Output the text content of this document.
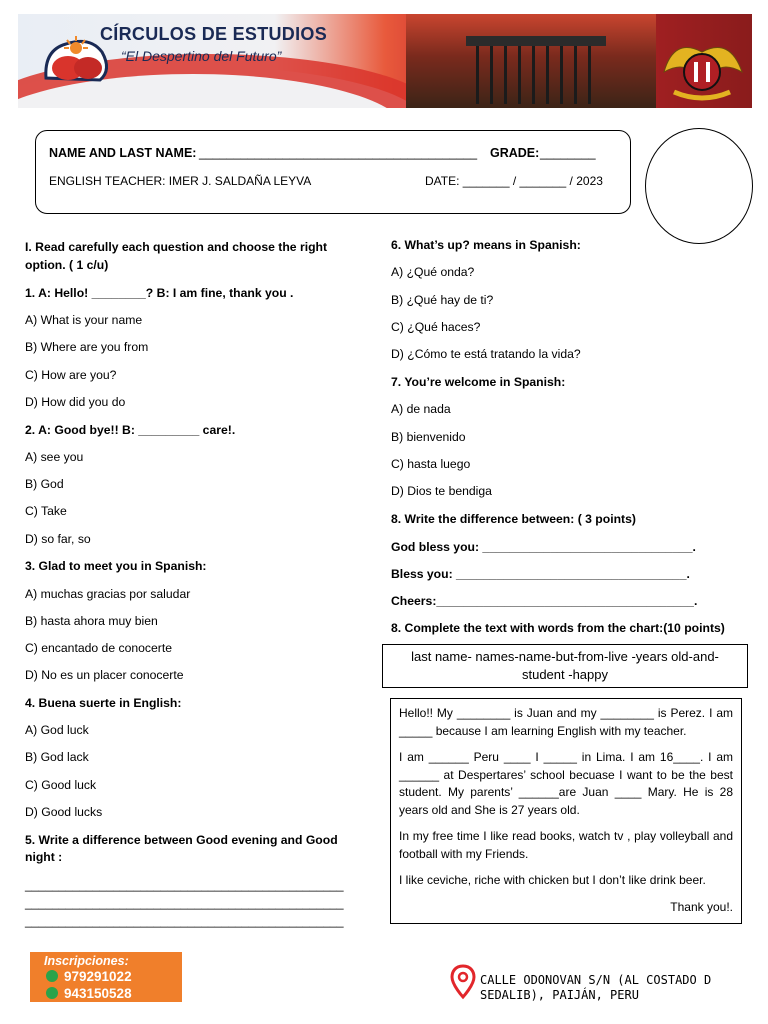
CÍRCULOS DE ESTUDIOS
“El Despertino del Futuro”
NAME AND LAST NAME: ________________________________________ GRADE: ________
ENGLISH TEACHER: IMER J. SALDAÑA LEYVA	DATE: _______ / _______ / 2023
I. Read carefully each question and choose the right
option. ( 1 c/u)
1. A: Hello! ________? B: I am fine, thank you .
A) What is your name
B) Where are you from
C) How are you?
D) How did you do
2. A: Good bye!! B: _________ care!.
A) see you
B) God
C) Take
D) so far, so
3. Glad to meet you in Spanish:
A) muchas gracias por saludar
B) hasta ahora muy bien
C) encantado de conocerte
D) No es un placer conocerte
4. Buena suerte in English:
A) God luck
B) God lack
C) Good luck
D) Good lucks
5. Write a difference between Good evening and Good
night :
_______________________________________________
_______________________________________________
_______________________________________________
6. What’s up? means in Spanish:
A) ¿Qué onda?
B) ¿Qué hay de ti?
C) ¿Qué haces?
D) ¿Cómo te está tratando la vida?
7. You’re welcome in Spanish:
A) de nada
B) bienvenido
C) hasta luego
D) Dios te bendiga
8. Write the difference between: ( 3 points)
God bless you: _______________________________.
Bless you: __________________________________.
Cheers:______________________________________.
8. Complete the text with words from the chart:(10 points)
last name- names-name-but-from-live -years old-and-
student -happy

Hello!! My ________ is Juan and my ________ is Perez. I am _____ because I am learning English with my teacher.

I am ______ Peru ____ I _____ in Lima. I am 16____. I am ______ at Despertares’ school becuase I want to be the best student. My parents’ ______are Juan ____ Mary. He is 28 years old and She is 27 years old.

In my free time I like read books, watch tv , play volleyball and football with my Friends.

I like ceviche, riche with chicken but I don’t like drink beer.

Thank you!.

Inscripciones:
979291022
943150528
CALLE ODONOVAN S/N (AL COSTADO D
SEDALIB), PAIJÁN, PERU
